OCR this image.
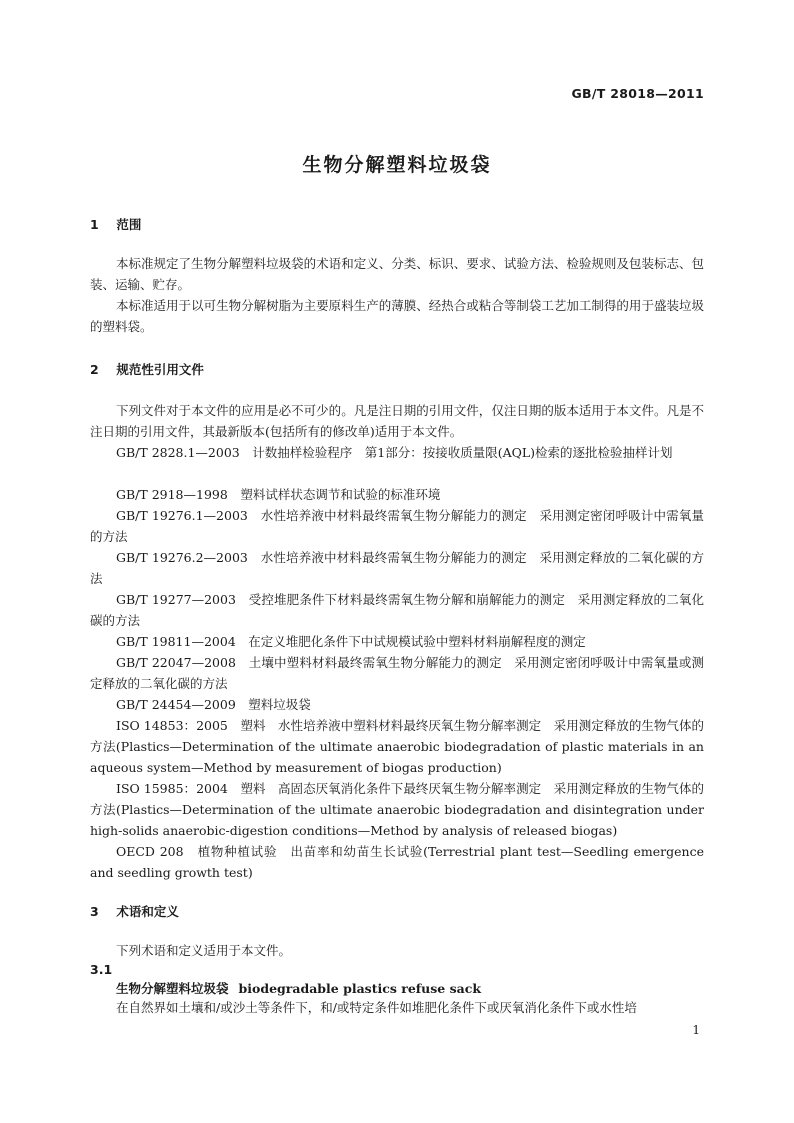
GB/T 28018—2011
生物分解塑料垃圾袋
1 范围

本标准规定了生物分解塑料垃圾袋的术语和定义、分类、标识、要求、试验方法、检验规则及包装标志、包装、运输、贮存。

本标准适用于以可生物分解树脂为主要原料生产的薄膜、经热合或粘合等制袋工艺加工制得的用于盛装垃圾的塑料袋。

2 规范性引用文件

下列文件对于本文件的应用是必不可少的。凡是注日期的引用文件，仅注日期的版本适用于本文件。凡是不注日期的引用文件，其最新版本(包括所有的修改单)适用于本文件。

GB/T 2828.1—2003　计数抽样检验程序　第1部分：按接收质量限(AQL)检索的逐批检验抽样计划

GB/T 2918—1998　塑料试样状态调节和试验的标准环境

GB/T 19276.1—2003　水性培养液中材料最终需氧生物分解能力的测定　采用测定密闭呼吸计中需氧量的方法

GB/T 19276.2—2003　水性培养液中材料最终需氧生物分解能力的测定　采用测定释放的二氧化碳的方法

GB/T 19277—2003　受控堆肥条件下材料最终需氧生物分解和崩解能力的测定　采用测定释放的二氧化碳的方法

GB/T 19811—2004　在定义堆肥化条件下中试规模试验中塑料材料崩解程度的测定

GB/T 22047—2008　土壤中塑料材料最终需氧生物分解能力的测定　采用测定密闭呼吸计中需氧量或测定释放的二氧化碳的方法

GB/T 24454—2009　塑料垃圾袋

ISO 14853：2005　塑料　水性培养液中塑料材料最终厌氧生物分解率测定　采用测定释放的生物气体的方法(Plastics—Determination of the ultimate anaerobic biodegradation of plastic materials in an aqueous system—Method by measurement of biogas production)

ISO 15985：2004　塑料　高固态厌氧消化条件下最终厌氧生物分解率测定　采用测定释放的生物气体的方法(Plastics—Determination of the ultimate anaerobic biodegradation and disintegration under high-solids anaerobic-digestion conditions—Method by analysis of released biogas)

OECD 208　植物种植试验　出苗率和幼苗生长试验(Terrestrial plant test—Seedling emergence and seedling growth test)

3 术语和定义

下列术语和定义适用于本文件。

3.1
生物分解塑料垃圾袋 biodegradable plastics refuse sack

在自然界如土壤和/或沙土等条件下，和/或特定条件如堆肥化条件下或厌氧消化条件下或水性培

1
